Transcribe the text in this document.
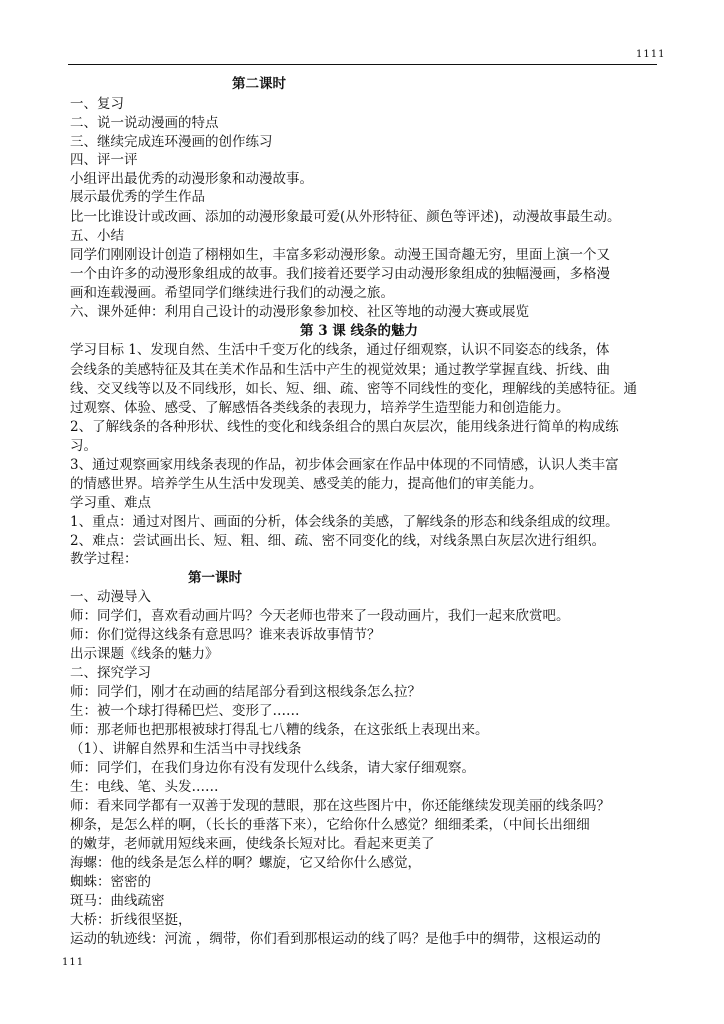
1111
第二课时
一、复习
二、说一说动漫画的特点
三、继续完成连环漫画的创作练习
四、评一评
小组评出最优秀的动漫形象和动漫故事。
展示最优秀的学生作品
比一比谁设计或改画、添加的动漫形象最可爱(从外形特征、颜色等评述)，动漫故事最生动。
五、小结
同学们刚刚设计创造了栩栩如生，丰富多彩动漫形象。动漫王国奇趣无穷，里面上演一个又
一个由许多的动漫形象组成的故事。我们接着还要学习由动漫形象组成的独幅漫画，多格漫
画和连载漫画。希望同学们继续进行我们的动漫之旅。
六、课外延伸：利用自己设计的动漫形象参加校、社区等地的动漫大赛或展览
第 3 课 线条的魅力
学习目标 1、发现自然、生活中千变万化的线条，通过仔细观察，认识不同姿态的线条，体
会线条的美感特征及其在美术作品和生活中产生的视觉效果；通过教学掌握直线、折线、曲
线、交叉线等以及不同线形，如长、短、细、疏、密等不同线性的变化，理解线的美感特征。通
过观察、体验、感受、了解感悟各类线条的表现力，培养学生造型能力和创造能力。
2、了解线条的各种形状、线性的变化和线条组合的黑白灰层次，能用线条进行简单的构成练
习。
3、通过观察画家用线条表现的作品，初步体会画家在作品中体现的不同情感，认识人类丰富
的情感世界。培养学生从生活中发现美、感受美的能力，提高他们的审美能力。
学习重、难点
1、重点：通过对图片、画面的分析，体会线条的美感，了解线条的形态和线条组成的纹理。
2、难点：尝试画出长、短、粗、细、疏、密不同变化的线，对线条黑白灰层次进行组织。
教学过程：
第一课时
一、动漫导入
师：同学们，喜欢看动画片吗？今天老师也带来了一段动画片，我们一起来欣赏吧。
师：你们觉得这线条有意思吗？谁来表诉故事情节？
出示课题《线条的魅力》
二、探究学习
师：同学们，刚才在动画的结尾部分看到这根线条怎么拉？
生：被一个球打得稀巴烂、变形了……
师：那老师也把那根被球打得乱七八糟的线条，在这张纸上表现出来。
（1）、讲解自然界和生活当中寻找线条
师：同学们，在我们身边你有没有发现什么线条，请大家仔细观察。
生：电线、笔、头发……
师：看来同学都有一双善于发现的慧眼，那在这些图片中，你还能继续发现美丽的线条吗？
柳条，是怎么样的啊，（长长的垂落下来），它给你什么感觉？细细柔柔，（中间长出细细
的嫩芽，老师就用短线来画，使线条长短对比。看起来更美了
海螺：他的线条是怎么样的啊？螺旋，它又给你什么感觉，
蜘蛛：密密的
斑马：曲线疏密
大桥：折线很坚挺，
运动的轨迹线：河流 ，绸带，你们看到那根运动的线了吗？是他手中的绸带，这根运动的
111
